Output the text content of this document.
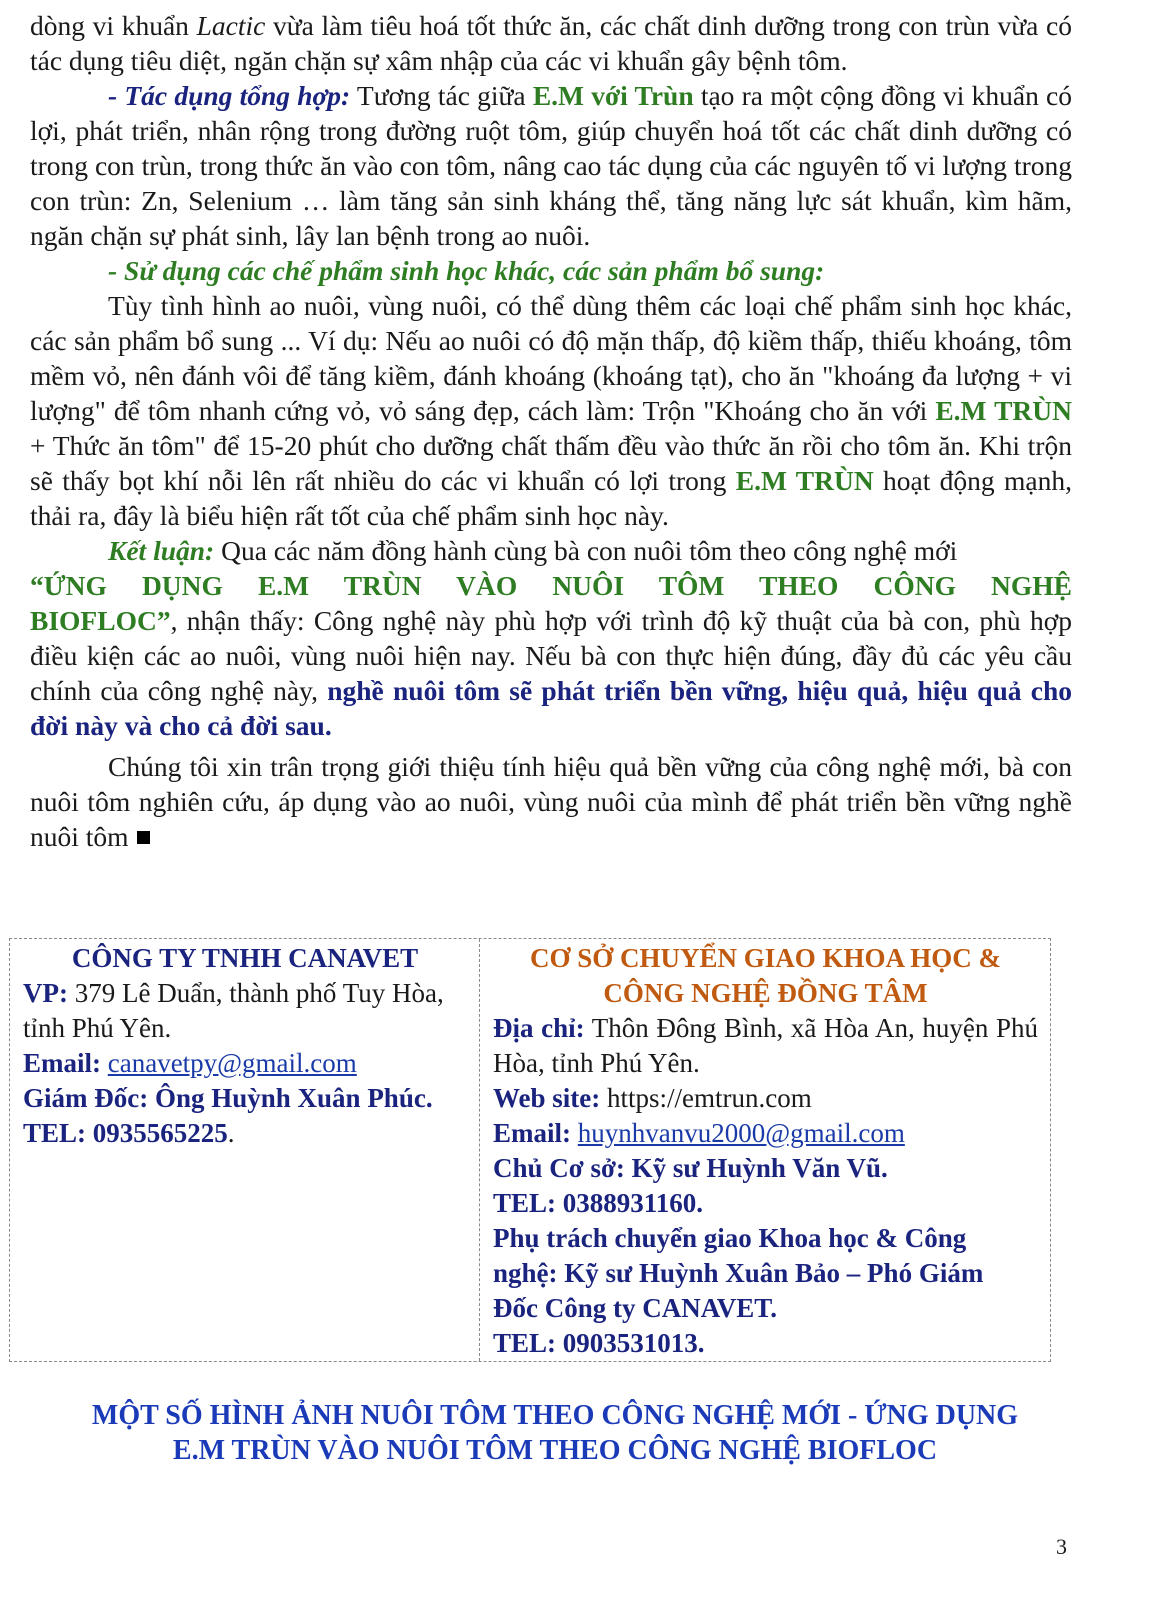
dòng vi khuẩn Lactic vừa làm tiêu hoá tốt thức ăn, các chất dinh dưỡng trong con trùn vừa có tác dụng tiêu diệt, ngăn chặn sự xâm nhập của các vi khuẩn gây bệnh tôm.

- Tác dụng tổng hợp: Tương tác giữa E.M với Trùn tạo ra một cộng đồng vi khuẩn có lợi, phát triển, nhân rộng trong đường ruột tôm, giúp chuyển hoá tốt các chất dinh dưỡng có trong con trùn, trong thức ăn vào con tôm, nâng cao tác dụng của các nguyên tố vi lượng trong con trùn: Zn, Selenium … làm tăng sản sinh kháng thể, tăng năng lực sát khuẩn, kìm hãm, ngăn chặn sự phát sinh, lây lan bệnh trong ao nuôi.

- Sử dụng các chế phẩm sinh học khác, các sản phẩm bổ sung:

Tùy tình hình ao nuôi, vùng nuôi, có thể dùng thêm các loại chế phẩm sinh học khác, các sản phẩm bổ sung ... Ví dụ: Nếu ao nuôi có độ mặn thấp, độ kiềm thấp, thiếu khoáng, tôm mềm vỏ, nên đánh vôi để tăng kiềm, đánh khoáng (khoáng tạt), cho ăn "khoáng đa lượng + vi lượng" để tôm nhanh cứng vỏ, vỏ sáng đẹp, cách làm: Trộn "Khoáng cho ăn với E.M TRÙN + Thức ăn tôm" để 15-20 phút cho dưỡng chất thấm đều vào thức ăn rồi cho tôm ăn. Khi trộn sẽ thấy bọt khí nỗi lên rất nhiều do các vi khuẩn có lợi trong E.M TRÙN hoạt động mạnh, thải ra, đây là biểu hiện rất tốt của chế phẩm sinh học này.

Kết luận: Qua các năm đồng hành cùng bà con nuôi tôm theo công nghệ mới

“ỨNG DỤNG E.M TRÙN VÀO NUÔI TÔM THEO CÔNG NGHỆ

BIOFLOC”, nhận thấy: Công nghệ này phù hợp với trình độ kỹ thuật của bà con, phù hợp điều kiện các ao nuôi, vùng nuôi hiện nay. Nếu bà con thực hiện đúng, đầy đủ các yêu cầu chính của công nghệ này, nghề nuôi tôm sẽ phát triển bền vững, hiệu quả, hiệu quả cho đời này và cho cả đời sau.

Chúng tôi xin trân trọng giới thiệu tính hiệu quả bền vững của công nghệ mới, bà con nuôi tôm nghiên cứu, áp dụng vào ao nuôi, vùng nuôi của mình để phát triển bền vững nghề nuôi tôm

CÔNG TY TNHH CANAVET
VP: 379 Lê Duẩn, thành phố Tuy Hòa, tỉnh Phú Yên.
Email: canavetpy@gmail.com
Giám Đốc: Ông Huỳnh Xuân Phúc.
TEL: 0935565225.
CƠ SỞ CHUYỂN GIAO KHOA HỌC &
CÔNG NGHỆ ĐỒNG TÂM
Địa chỉ: Thôn Đông Bình, xã Hòa An, huyện Phú Hòa, tỉnh Phú Yên.
Web site: https://emtrun.com
Email: huynhvanvu2000@gmail.com
Chủ Cơ sở: Kỹ sư Huỳnh Văn Vũ.
TEL: 0388931160.
Phụ trách chuyển giao Khoa học & Công
nghệ: Kỹ sư Huỳnh Xuân Bảo – Phó Giám
Đốc Công ty CANAVET.
TEL: 0903531013.
MỘT SỐ HÌNH ẢNH NUÔI TÔM THEO CÔNG NGHỆ MỚI - ỨNG DỤNG
E.M TRÙN VÀO NUÔI TÔM THEO CÔNG NGHỆ BIOFLOC
3
